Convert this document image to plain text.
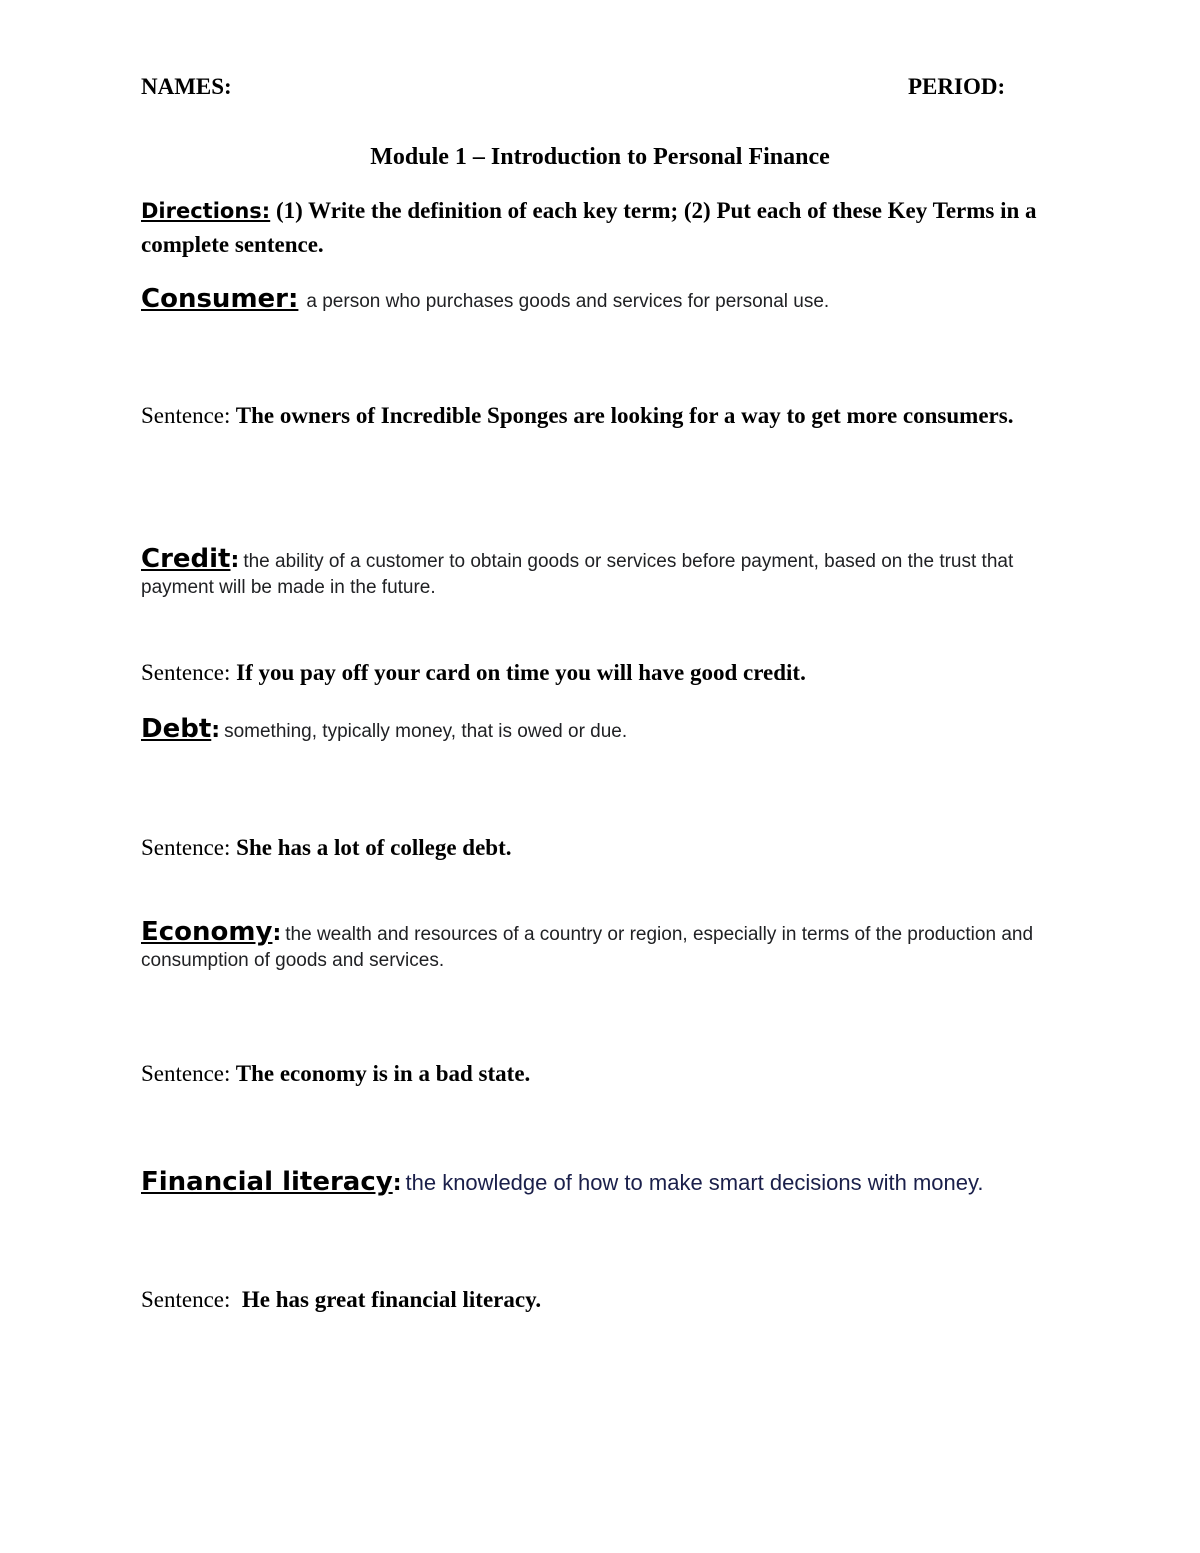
NAMES:	PERIOD:
Module 1 – Introduction to Personal Finance
Directions: (1) Write the definition of each key term; (2) Put each of these Key Terms in a complete sentence.
Consumer: a person who purchases goods and services for personal use.
Sentence: The owners of Incredible Sponges are looking for a way to get more consumers.
Credit: the ability of a customer to obtain goods or services before payment, based on the trust that payment will be made in the future.
Sentence: If you pay off your card on time you will have good credit.
Debt: something, typically money, that is owed or due.
Sentence: She has a lot of college debt.
Economy: the wealth and resources of a country or region, especially in terms of the production and consumption of goods and services.
Sentence: The economy is in a bad state.
Financial literacy: the knowledge of how to make smart decisions with money.
Sentence:  He has great financial literacy.
